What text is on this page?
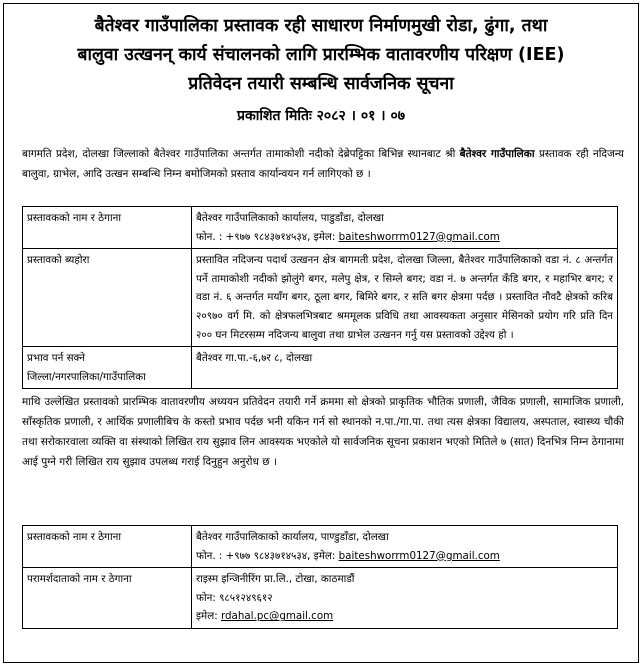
बैतेश्वर गाउँपालिका प्रस्तावक रही साधारण निर्माणमुखी रोडा, ढुंगा, तथा
बालुवा उत्खनन् कार्य संचालनको लागि प्रारम्भिक वातावरणीय परिक्षण (IEE)
प्रतिवेदन तयारी सम्बन्धि सार्वजनिक सूचना
प्रकाशित मितिः २०८२ । ०१ । ०७
बागमति प्रदेश, दोलखा जिल्लाको बैतेश्वर गाउँपालिका अन्तर्गत तामाकोशी नदीको देब्रेपट्टिका बिभिन्न स्थानबाट श्री बैतेश्वर गाउँपालिका प्रस्तावक रही नदिजन्य बालुवा, ग्राभेल, आदि उत्खन सम्बन्धि निम्न बमोजिमको प्रस्ताव कार्यान्वयन गर्न लागिएको छ ।
प्रस्तावकको नाम र ठेगाना	बैतेश्वर गाउँपालिकाको कार्यालय, पाडुडाँडा, दोलखा
फोन. : +९७७ ९८४३७१४५३४, इमेल: baiteshworrm0127@gmail.com

प्रस्तावको ब्यहोरा	प्रस्तावित नदिजन्य पदार्थ उत्खनन क्षेत्र बागमती प्रदेश, दोलखा जिल्ला, बैतेश्वर गाउँपालिकाको वडा नं. ८ अन्तर्गत पर्ने तामाकोशी नदीको झोलुंगे बगर, मलेपु क्षेत्र, र सिम्ले बगर; वडा नं. ७ अन्तर्गत कँडि बगर, र महाभिर बगर; र वडा नं. ६ अन्तर्गत मयाँग बगर, ठूला बगर, बिमिरे बगर, र सति बगर क्षेत्रमा पर्दछ । प्रस्तावित नौवटै क्षेत्रको करिब २०९७० वर्ग मि. को क्षेत्रफलभित्रबाट श्रममूलक प्रविधि तथा आवस्यकता अनुसार मेसिनको प्रयोग गरि प्रति दिन २०० घन मिटरसम्म नदिजन्य बालुवा तथा ग्राभेल उत्खनन गर्नु यस प्रस्तावको उद्देश्य हो ।

प्रभाव पर्न सक्ने
जिल्ला/नगरपालिका/गाउँपालिका	बैतेश्वर गा.पा.-६,७र ८, दोलखा
माथि उल्लेखित प्रस्तावको प्रारम्भिक वातावरणीय अध्ययन प्रतिवेदन तयारी गर्ने क्रममा सो क्षेत्रको प्राकृतिक भौतिक प्रणाली, जैविक प्रणाली, सामाजिक प्रणाली, साँस्कृतिक प्रणाली, र आर्थिक प्रणालीबिच के कस्तो प्रभाव पर्दछ भनी यकिन गर्न सो स्थानको न.पा./गा.पा. तथा त्यस क्षेत्रका विद्यालय, अस्पताल, स्वास्थ्य चौकी तथा सरोकारवाला व्यक्ति वा संस्थाको लिखित राय सुझाव लिन आवस्यक भएकोले यो सार्वजनिक सूचना प्रकाशन भएको मितिले ७ (सात) दिनभित्र निम्न ठेगानामा आई पुग्ने गरी लिखित राय सुझाव उपलब्ध गराई दिनुहुन अनुरोध छ ।
प्रस्तावकको नाम र ठेगाना	बैतेश्वर गाउँपालिकाको कार्यालय, पाण्डुडाँडा, दोलखा
फोन. : +९७७ ९८४३७१४५३४, इमेल: baiteshworrm0127@gmail.com

परामर्शदाताको नाम र ठेगाना	राइस्म इन्जिनीरिंग प्रा.लि., टोखा, काठमाडौं
फोन: ९८५१२४९६१२
इमेल: rdahal.pc@gmail.com
